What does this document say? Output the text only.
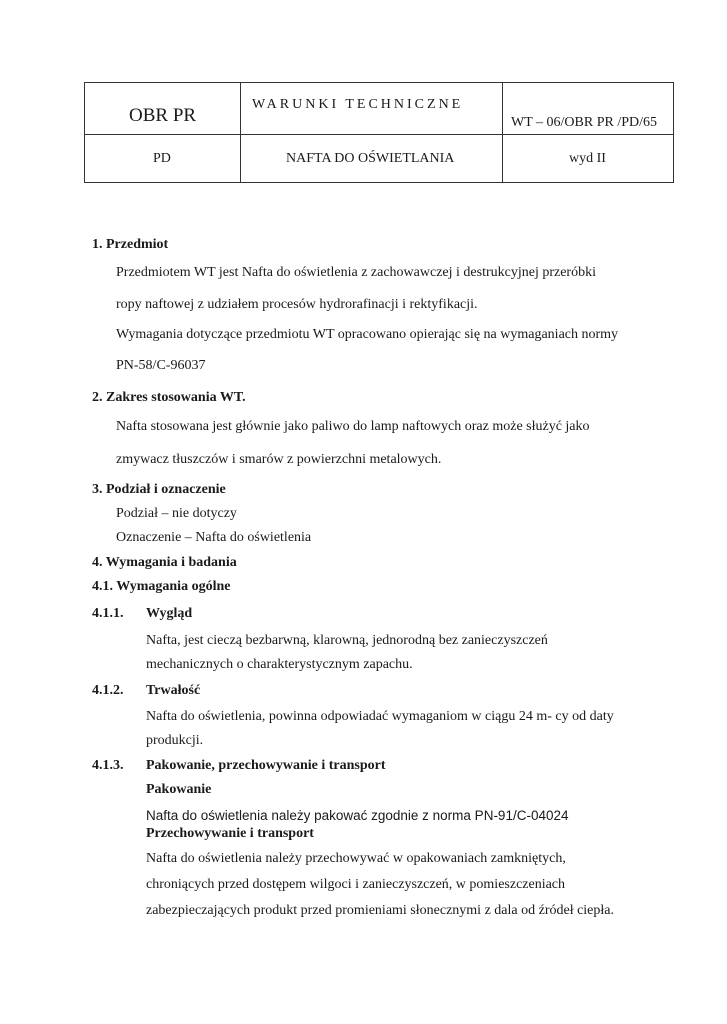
OBR PR
WARUNKI TECHNICZNE
WT – 06/OBR PR /PD/65
PD	NAFTA DO OŚWIETLANIA	wyd II
1. Przedmiot
Przedmiotem WT jest Nafta do oświetlenia z zachowawczej i destrukcyjnej przeróbki
ropy naftowej z udziałem procesów hydrorafinacji i rektyfikacji.
Wymagania dotyczące przedmiotu WT opracowano opierając się na wymaganiach normy
PN-58/C-96037
2. Zakres stosowania WT.
Nafta stosowana jest głównie jako paliwo do lamp naftowych oraz może służyć jako
zmywacz tłuszczów i smarów z powierzchni metalowych.
3. Podział i oznaczenie
Podział – nie dotyczy
Oznaczenie – Nafta do oświetlenia
4. Wymagania i badania
4.1. Wymagania ogólne
4.1.1. Wygląd
Nafta, jest cieczą bezbarwną, klarowną, jednorodną bez zanieczyszczeń
mechanicznych o charakterystycznym zapachu.
4.1.2. Trwałość
Nafta do oświetlenia, powinna odpowiadać wymaganiom w ciągu 24 m- cy od daty
produkcji.
4.1.3. Pakowanie, przechowywanie i transport
Pakowanie
Nafta do oświetlenia należy pakować zgodnie z norma PN-91/C-04024
Przechowywanie i transport
Nafta do oświetlenia należy przechowywać w opakowaniach zamkniętych,
chroniących przed dostępem wilgoci i zanieczyszczeń, w pomieszczeniach
zabezpieczających produkt przed promieniami słonecznymi z dala od źródeł ciepła.
